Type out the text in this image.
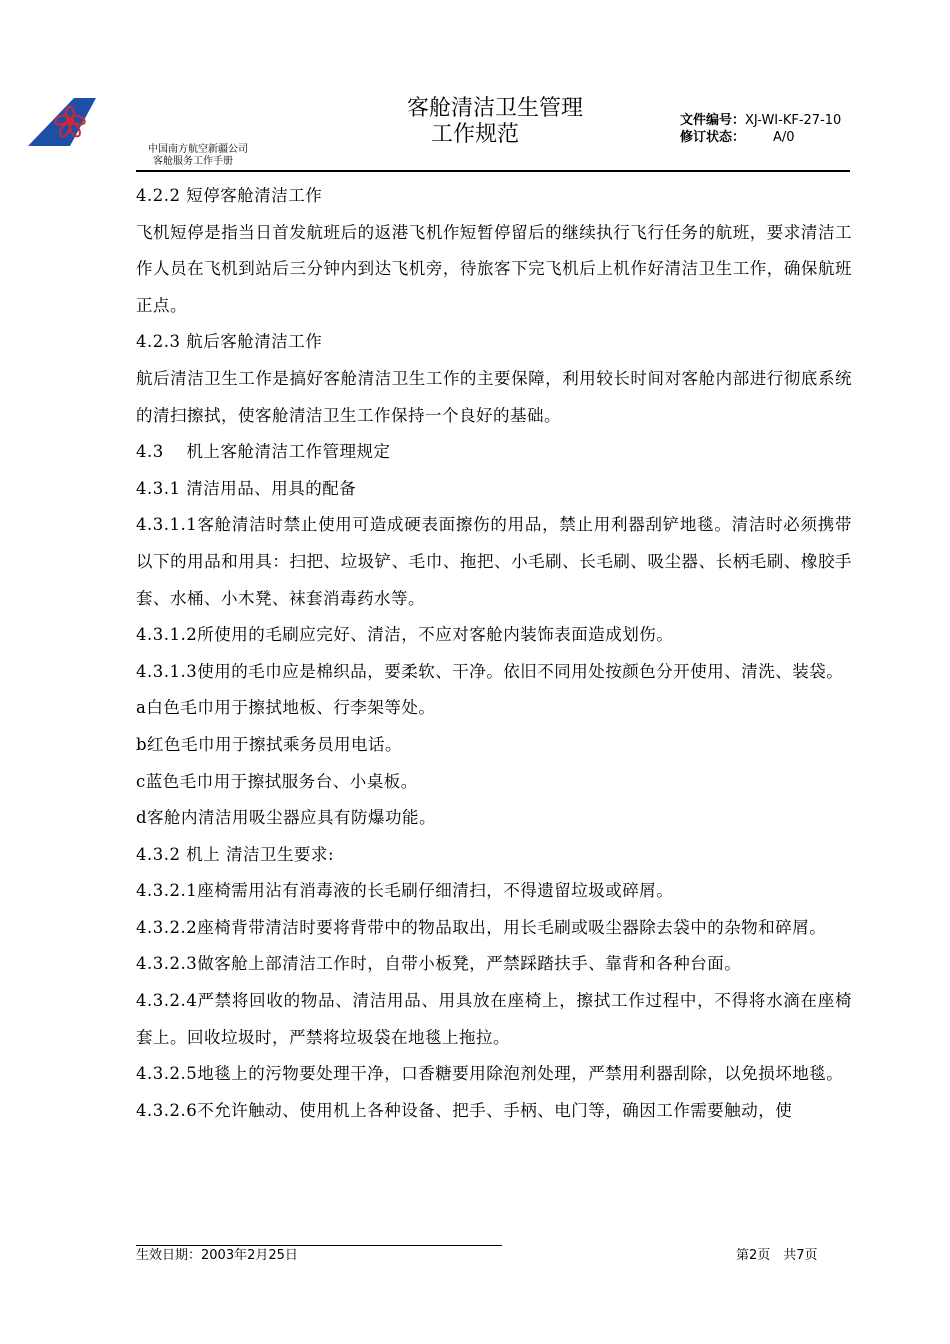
中国南方航空新疆公司
客舱服务工作手册
客舱清洁卫生管理
工作规范
文件编号： XJ-WI-KF-27-10
修订状态：	A/0

4.2.2 短停客舱清洁工作

飞机短停是指当日首发航班后的返港飞机作短暂停留后的继续执行飞行任务的航班，要求清洁工作人员在飞机到站后三分钟内到达飞机旁，待旅客下完飞机后上机作好清洁卫生工作，确保航班正点。

4.2.3 航后客舱清洁工作

航后清洁卫生工作是搞好客舱清洁卫生工作的主要保障，利用较长时间对客舱内部进行彻底系统的清扫擦拭，使客舱清洁卫生工作保持一个良好的基础。

4.3　 机上客舱清洁工作管理规定

4.3.1 清洁用品、用具的配备

4.3.1.1客舱清洁时禁止使用可造成硬表面擦伤的用品，禁止用利器刮铲地毯。清洁时必须携带以下的用品和用具：扫把、垃圾铲、毛巾、拖把、小毛刷、长毛刷、吸尘器、长柄毛刷、橡胶手套、水桶、小木凳、袜套消毒药水等。

4.3.1.2所使用的毛刷应完好、清洁，不应对客舱内装饰表面造成划伤。

4.3.1.3使用的毛巾应是棉织品，要柔软、干净。依旧不同用处按颜色分开使用、清洗、装袋。

a白色毛巾用于擦拭地板、行李架等处。

b红色毛巾用于擦拭乘务员用电话。

c蓝色毛巾用于擦拭服务台、小桌板。

d客舱内清洁用吸尘器应具有防爆功能。

4.3.2 机上 清洁卫生要求:

4.3.2.1座椅需用沾有消毒液的长毛刷仔细清扫，不得遗留垃圾或碎屑。

4.3.2.2座椅背带清洁时要将背带中的物品取出，用长毛刷或吸尘器除去袋中的杂物和碎屑。

4.3.2.3做客舱上部清洁工作时，自带小板凳，严禁踩踏扶手、靠背和各种台面。

4.3.2.4严禁将回收的物品、清洁用品、用具放在座椅上，擦拭工作过程中，不得将水滴在座椅套上。回收垃圾时，严禁将垃圾袋在地毯上拖拉。

4.3.2.5地毯上的污物要处理干净，口香糖要用除泡剂处理，严禁用利器刮除，以免损坏地毯。

4.3.2.6不允许触动、使用机上各种设备、把手、手柄、电门等，确因工作需要触动，使

生效日期：2003年2月25日	第2页　共7页
